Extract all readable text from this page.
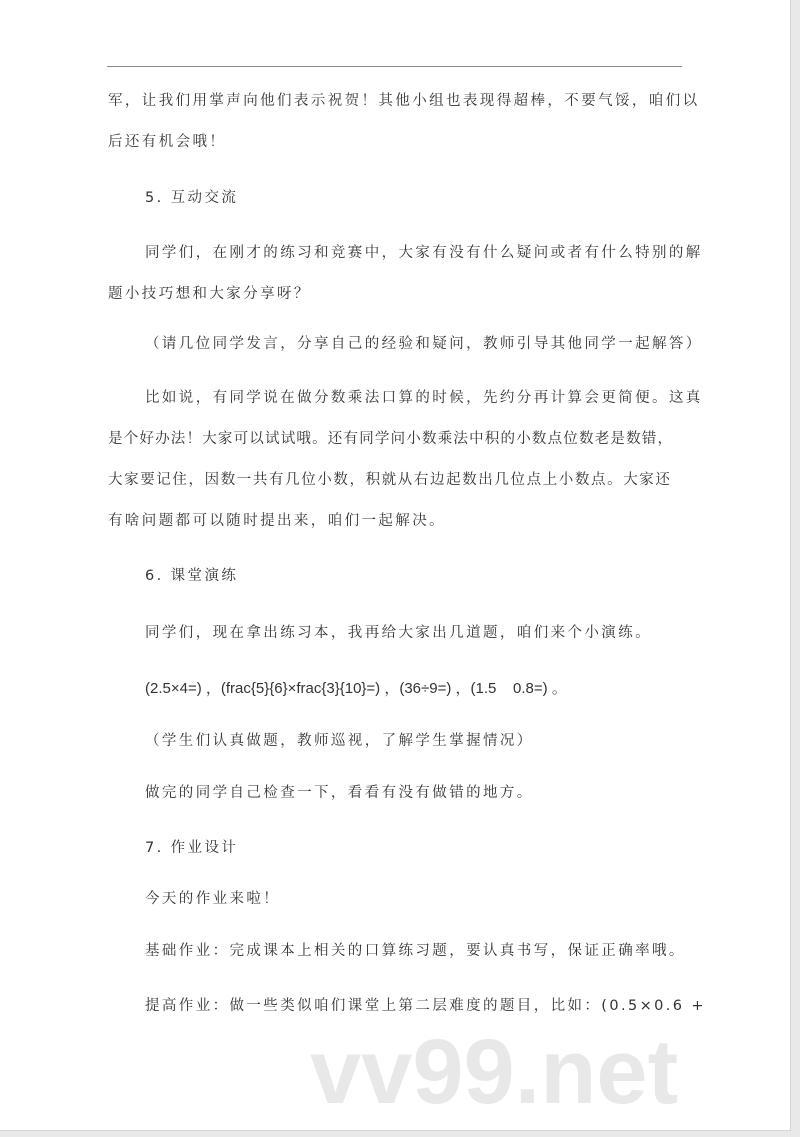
vv99.net
军，让我们用掌声向他们表示祝贺！其他小组也表现得超棒，不要气馁，咱们以
后还有机会哦！
5. 互动交流
同学们，在刚才的练习和竞赛中，大家有没有什么疑问或者有什么特别的解
题小技巧想和大家分享呀？
（请几位同学发言，分享自己的经验和疑问，教师引导其他同学一起解答）
比如说，有同学说在做分数乘法口算的时候，先约分再计算会更简便。这真
是个好办法！大家可以试试哦。还有同学问小数乘法中积的小数点位数老是数错，
大家要记住，因数一共有几位小数，积就从右边起数出几位点上小数点。大家还
有啥问题都可以随时提出来，咱们一起解决。
6. 课堂演练
同学们，现在拿出练习本，我再给大家出几道题，咱们来个小演练。
(2.5×4=) ，(frac{5}{6}×frac{3}{10}=) ，(36÷9=) ，(1.5    0.8=) 。
（学生们认真做题，教师巡视，了解学生掌握情况）
做完的同学自己检查一下，看看有没有做错的地方。
7. 作业设计
今天的作业来啦！
基础作业：完成课本上相关的口算练习题，要认真书写，保证正确率哦。
提高作业：做一些类似咱们课堂上第二层难度的题目，比如：(0.5×0.6 +
